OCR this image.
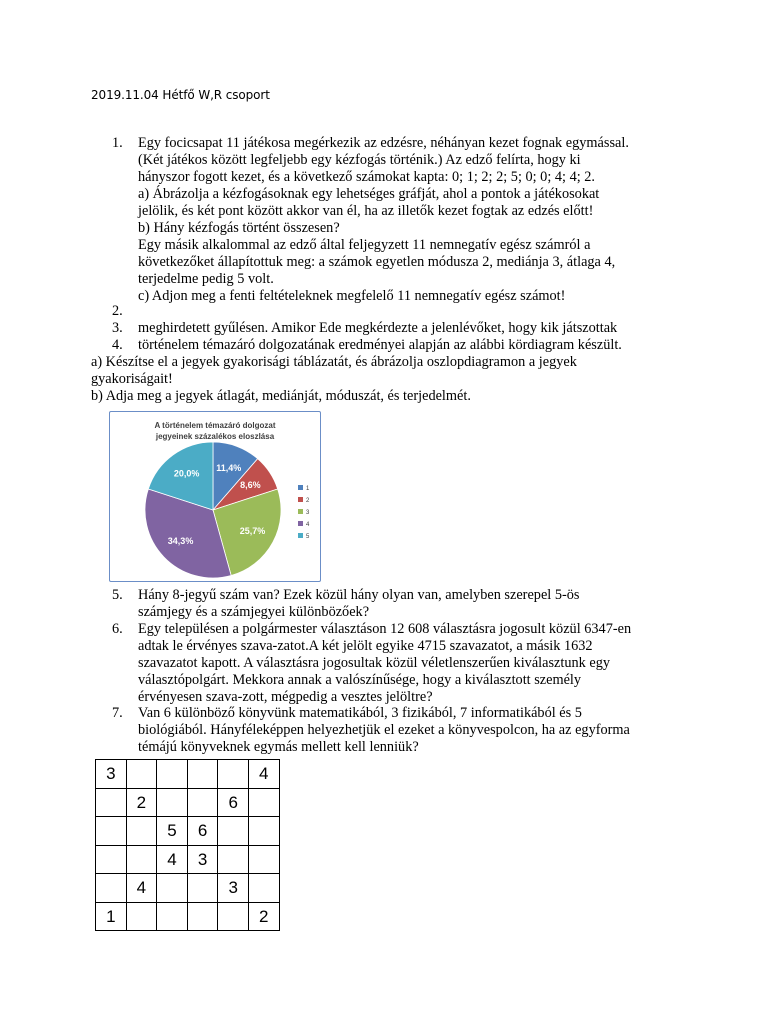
2019.11.04 Hétfő W,R csoport
1.	Egy focicsapat 11 játékosa megérkezik az edzésre, néhányan kezet fognak egymással.
(Két játékos között legfeljebb egy kézfogás történik.) Az edző felírta, hogy ki
hányszor fogott kezet, és a következő számokat kapta: 0; 1; 2; 2; 5; 0; 0; 4; 4; 2.
a) Ábrázolja a kézfogásoknak egy lehetséges gráfját, ahol a pontok a játékosokat
jelölik, és két pont között akkor van él, ha az illetők kezet fogtak az edzés előtt!
b) Hány kézfogás történt összesen?
Egy másik alkalommal az edző által feljegyzett 11 nemnegatív egész számról a
következőket állapítottuk meg: a számok egyetlen módusza 2, mediánja 3, átlaga 4,
terjedelme pedig 5 volt.
c) Adjon meg a fenti feltételeknek megfelelő 11 nemnegatív egész számot!
2.
3.	meghirdetett gyűlésen. Amikor Ede megkérdezte a jelenlévőket, hogy kik játszottak
4.	történelem témazáró dolgozatának eredményei alapján az alábbi kördiagram készült.
a) Készítse el a jegyek gyakorisági táblázatát, és ábrázolja oszlopdiagramon a jegyek
gyakoriságait!
b) Adja meg a jegyek átlagát, mediánját, móduszát, és terjedelmét.
A történelem témazáró dolgozat
jegyeinek százalékos eloszlása
11,4%
8,6%
25,7%
34,3%
20,0%
1
2
3
4
5
5.	Hány 8-jegyű szám van? Ezek közül hány olyan van, amelyben szerepel 5-ös
számjegy és a számjegyei különbözőek?
6.	Egy településen a polgármester választáson 12 608 választásra jogosult közül 6347-en
adtak le érvényes szava-zatot.A két jelölt egyike 4715 szavazatot, a másik 1632
szavazatot kapott. A választásra jogosultak közül véletlenszerűen kiválasztunk egy
választópolgárt. Mekkora annak a valószínűsége, hogy a kiválasztott személy
érvényesen szava-zott, mégpedig a vesztes jelöltre?
7.	Van 6 különböző könyvünk matematikából, 3 fizikából, 7 informatikából és 5
biológiából. Hányféleképpen helyezhetjük el ezeket a könyvespolcon, ha az egyforma
témájú könyveknek egymás mellett kell lenniük?
3					4
	2			6	
		5	6		
		4	3		
	4			3	
1					2
